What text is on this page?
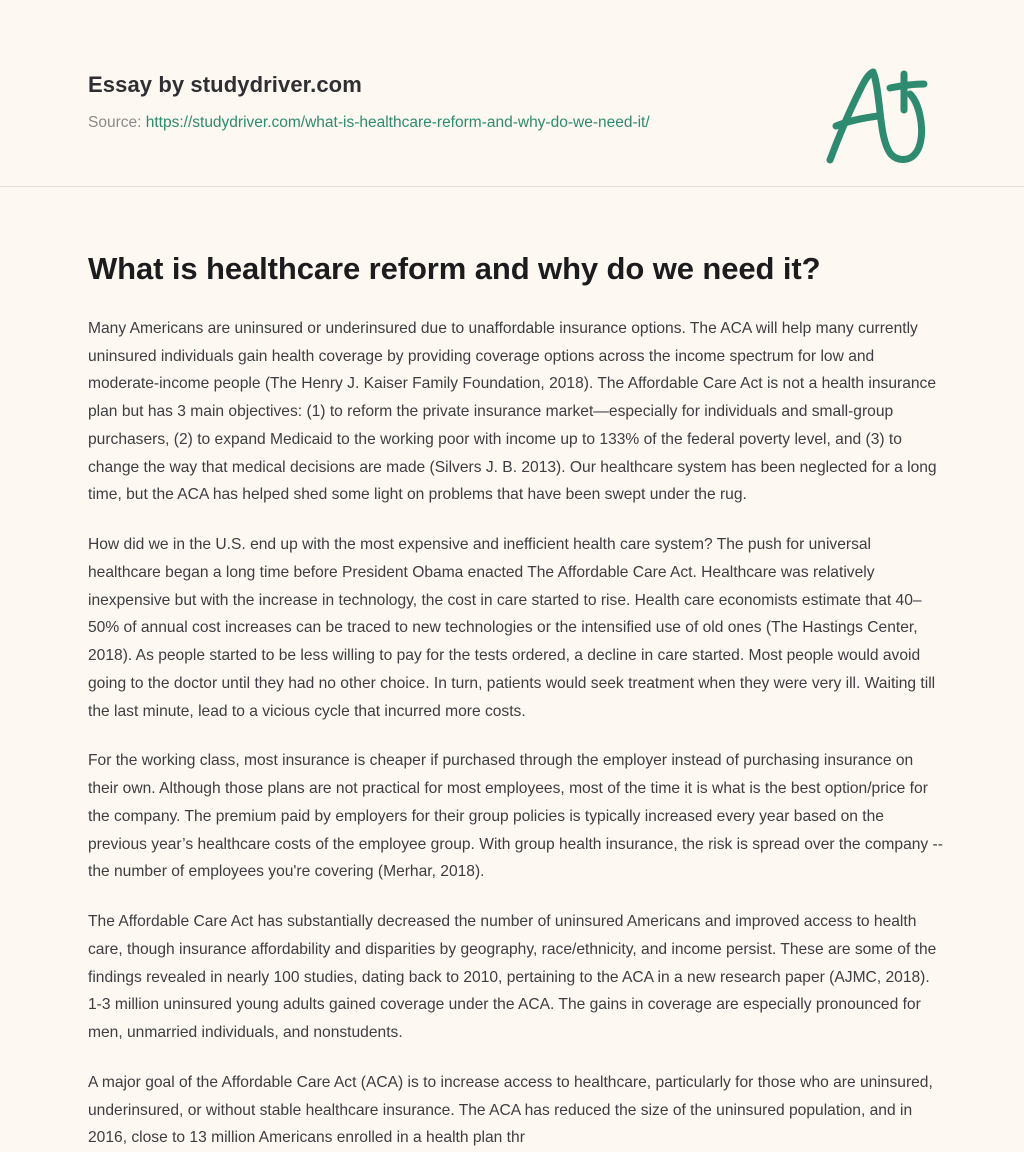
Essay by studydriver.com
Source: https://studydriver.com/what-is-healthcare-reform-and-why-do-we-need-it/
What is healthcare reform and why do we need it?

Many Americans are uninsured or underinsured due to unaffordable insurance options. The ACA will help many currently uninsured individuals gain health coverage by providing coverage options across the income spectrum for low and moderate-income people (The Henry J. Kaiser Family Foundation, 2018). The Affordable Care Act is not a health insurance plan but has 3 main objectives: (1) to reform the private insurance market—especially for individuals and small-group purchasers, (2) to expand Medicaid to the working poor with income up to 133% of the federal poverty level, and (3) to change the way that medical decisions are made (Silvers J. B. 2013). Our healthcare system has been neglected for a long time, but the ACA has helped shed some light on problems that have been swept under the rug.

How did we in the U.S. end up with the most expensive and inefficient health care system? The push for universal healthcare began a long time before President Obama enacted The Affordable Care Act. Healthcare was relatively inexpensive but with the increase in technology, the cost in care started to rise. Health care economists estimate that 40–50% of annual cost increases can be traced to new technologies or the intensified use of old ones (The Hastings Center, 2018). As people started to be less willing to pay for the tests ordered, a decline in care started. Most people would avoid going to the doctor until they had no other choice. In turn, patients would seek treatment when they were very ill. Waiting till the last minute, lead to a vicious cycle that incurred more costs.

For the working class, most insurance is cheaper if purchased through the employer instead of purchasing insurance on their own. Although those plans are not practical for most employees, most of the time it is what is the best option/price for the company. The premium paid by employers for their group policies is typically increased every year based on the previous year’s healthcare costs of the employee group. With group health insurance, the risk is spread over the company -- the number of employees you're covering (Merhar, 2018).

The Affordable Care Act has substantially decreased the number of uninsured Americans and improved access to health care, though insurance affordability and disparities by geography, race/ethnicity, and income persist. These are some of the findings revealed in nearly 100 studies, dating back to 2010, pertaining to the ACA in a new research paper (AJMC, 2018). 1-3 million uninsured young adults gained coverage under the ACA. The gains in coverage are especially pronounced for men, unmarried individuals, and nonstudents.

A major goal of the Affordable Care Act (ACA) is to increase access to healthcare, particularly for those who are uninsured, underinsured, or without stable healthcare insurance. The ACA has reduced the size of the uninsured population, and in 2016, close to 13 million Americans enrolled in a health plan thr
